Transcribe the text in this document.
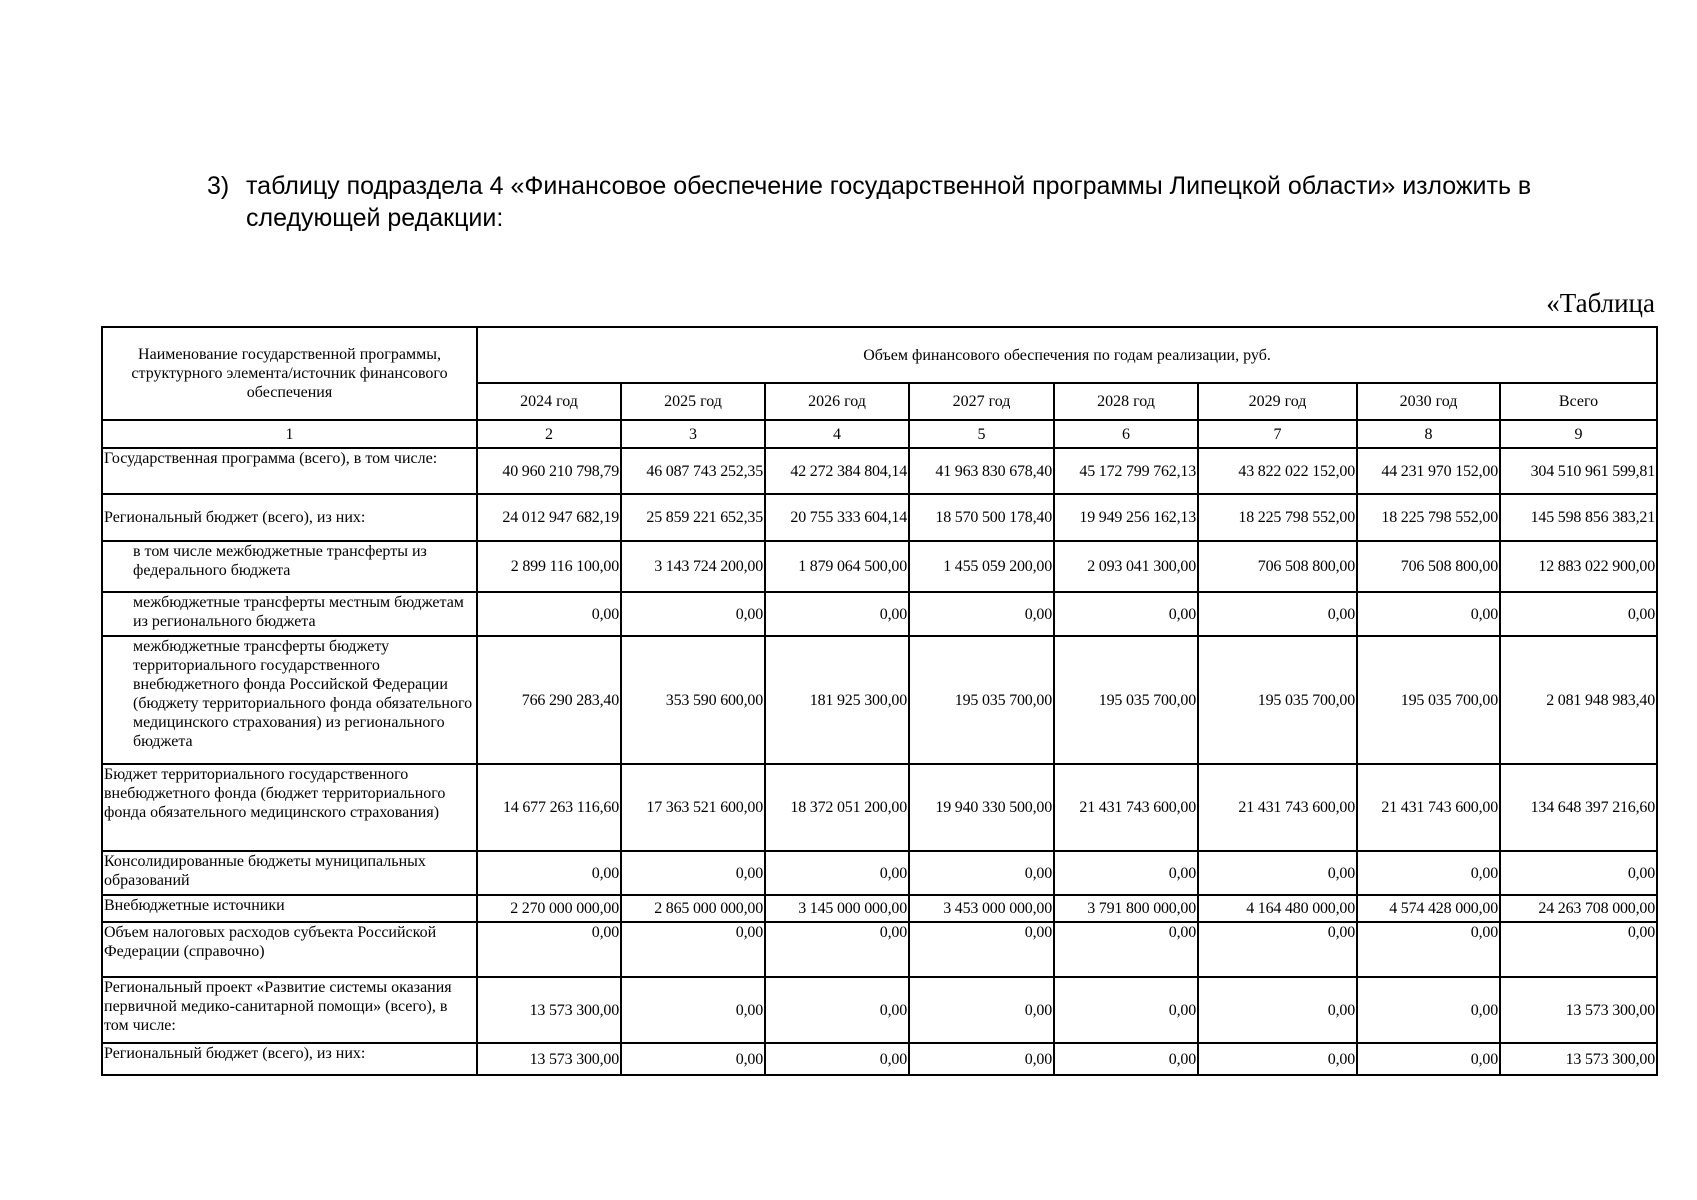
3) таблицу подраздела 4 «Финансовое обеспечение государственной программы Липецкой области» изложить в следующей редакции:
«Таблица
Наименование государственной программы, структурного элемента/источник финансового обеспечения	Объем финансового обеспечения по годам реализации, руб.							
	2024 год	2025 год	2026 год	2027 год	2028 год	2029 год	2030 год	Всего
1	2	3	4	5	6	7	8	9
Государственная программа (всего), в том числе:	40 960 210 798,79	46 087 743 252,35	42 272 384 804,14	41 963 830 678,40	45 172 799 762,13	43 822 022 152,00	44 231 970 152,00	304 510 961 599,81
Региональный бюджет (всего), из них:	24 012 947 682,19	25 859 221 652,35	20 755 333 604,14	18 570 500 178,40	19 949 256 162,13	18 225 798 552,00	18 225 798 552,00	145 598 856 383,21
в том числе межбюджетные трансферты из федерального бюджета	2 899 116 100,00	3 143 724 200,00	1 879 064 500,00	1 455 059 200,00	2 093 041 300,00	706 508 800,00	706 508 800,00	12 883 022 900,00
межбюджетные трансферты местным бюджетам из регионального бюджета	0,00	0,00	0,00	0,00	0,00	0,00	0,00	0,00
межбюджетные трансферты бюджету территориального государственного внебюджетного фонда Российской Федерации (бюджету территориального фонда обязательного медицинского страхования) из регионального бюджета	766 290 283,40	353 590 600,00	181 925 300,00	195 035 700,00	195 035 700,00	195 035 700,00	195 035 700,00	2 081 948 983,40
Бюджет территориального государственного внебюджетного фонда (бюджет территориального фонда обязательного медицинского страхования)	14 677 263 116,60	17 363 521 600,00	18 372 051 200,00	19 940 330 500,00	21 431 743 600,00	21 431 743 600,00	21 431 743 600,00	134 648 397 216,60
Консолидированные бюджеты муниципальных образований	0,00	0,00	0,00	0,00	0,00	0,00	0,00	0,00
Внебюджетные источники	2 270 000 000,00	2 865 000 000,00	3 145 000 000,00	3 453 000 000,00	3 791 800 000,00	4 164 480 000,00	4 574 428 000,00	24 263 708 000,00
Объем налоговых расходов субъекта Российской Федерации (справочно)	0,00	0,00	0,00	0,00	0,00	0,00	0,00	0,00
Региональный проект «Развитие системы оказания первичной медико-санитарной помощи» (всего), в том числе:	13 573 300,00	0,00	0,00	0,00	0,00	0,00	0,00	13 573 300,00
Региональный бюджет (всего), из них:	13 573 300,00	0,00	0,00	0,00	0,00	0,00	0,00	13 573 300,00
